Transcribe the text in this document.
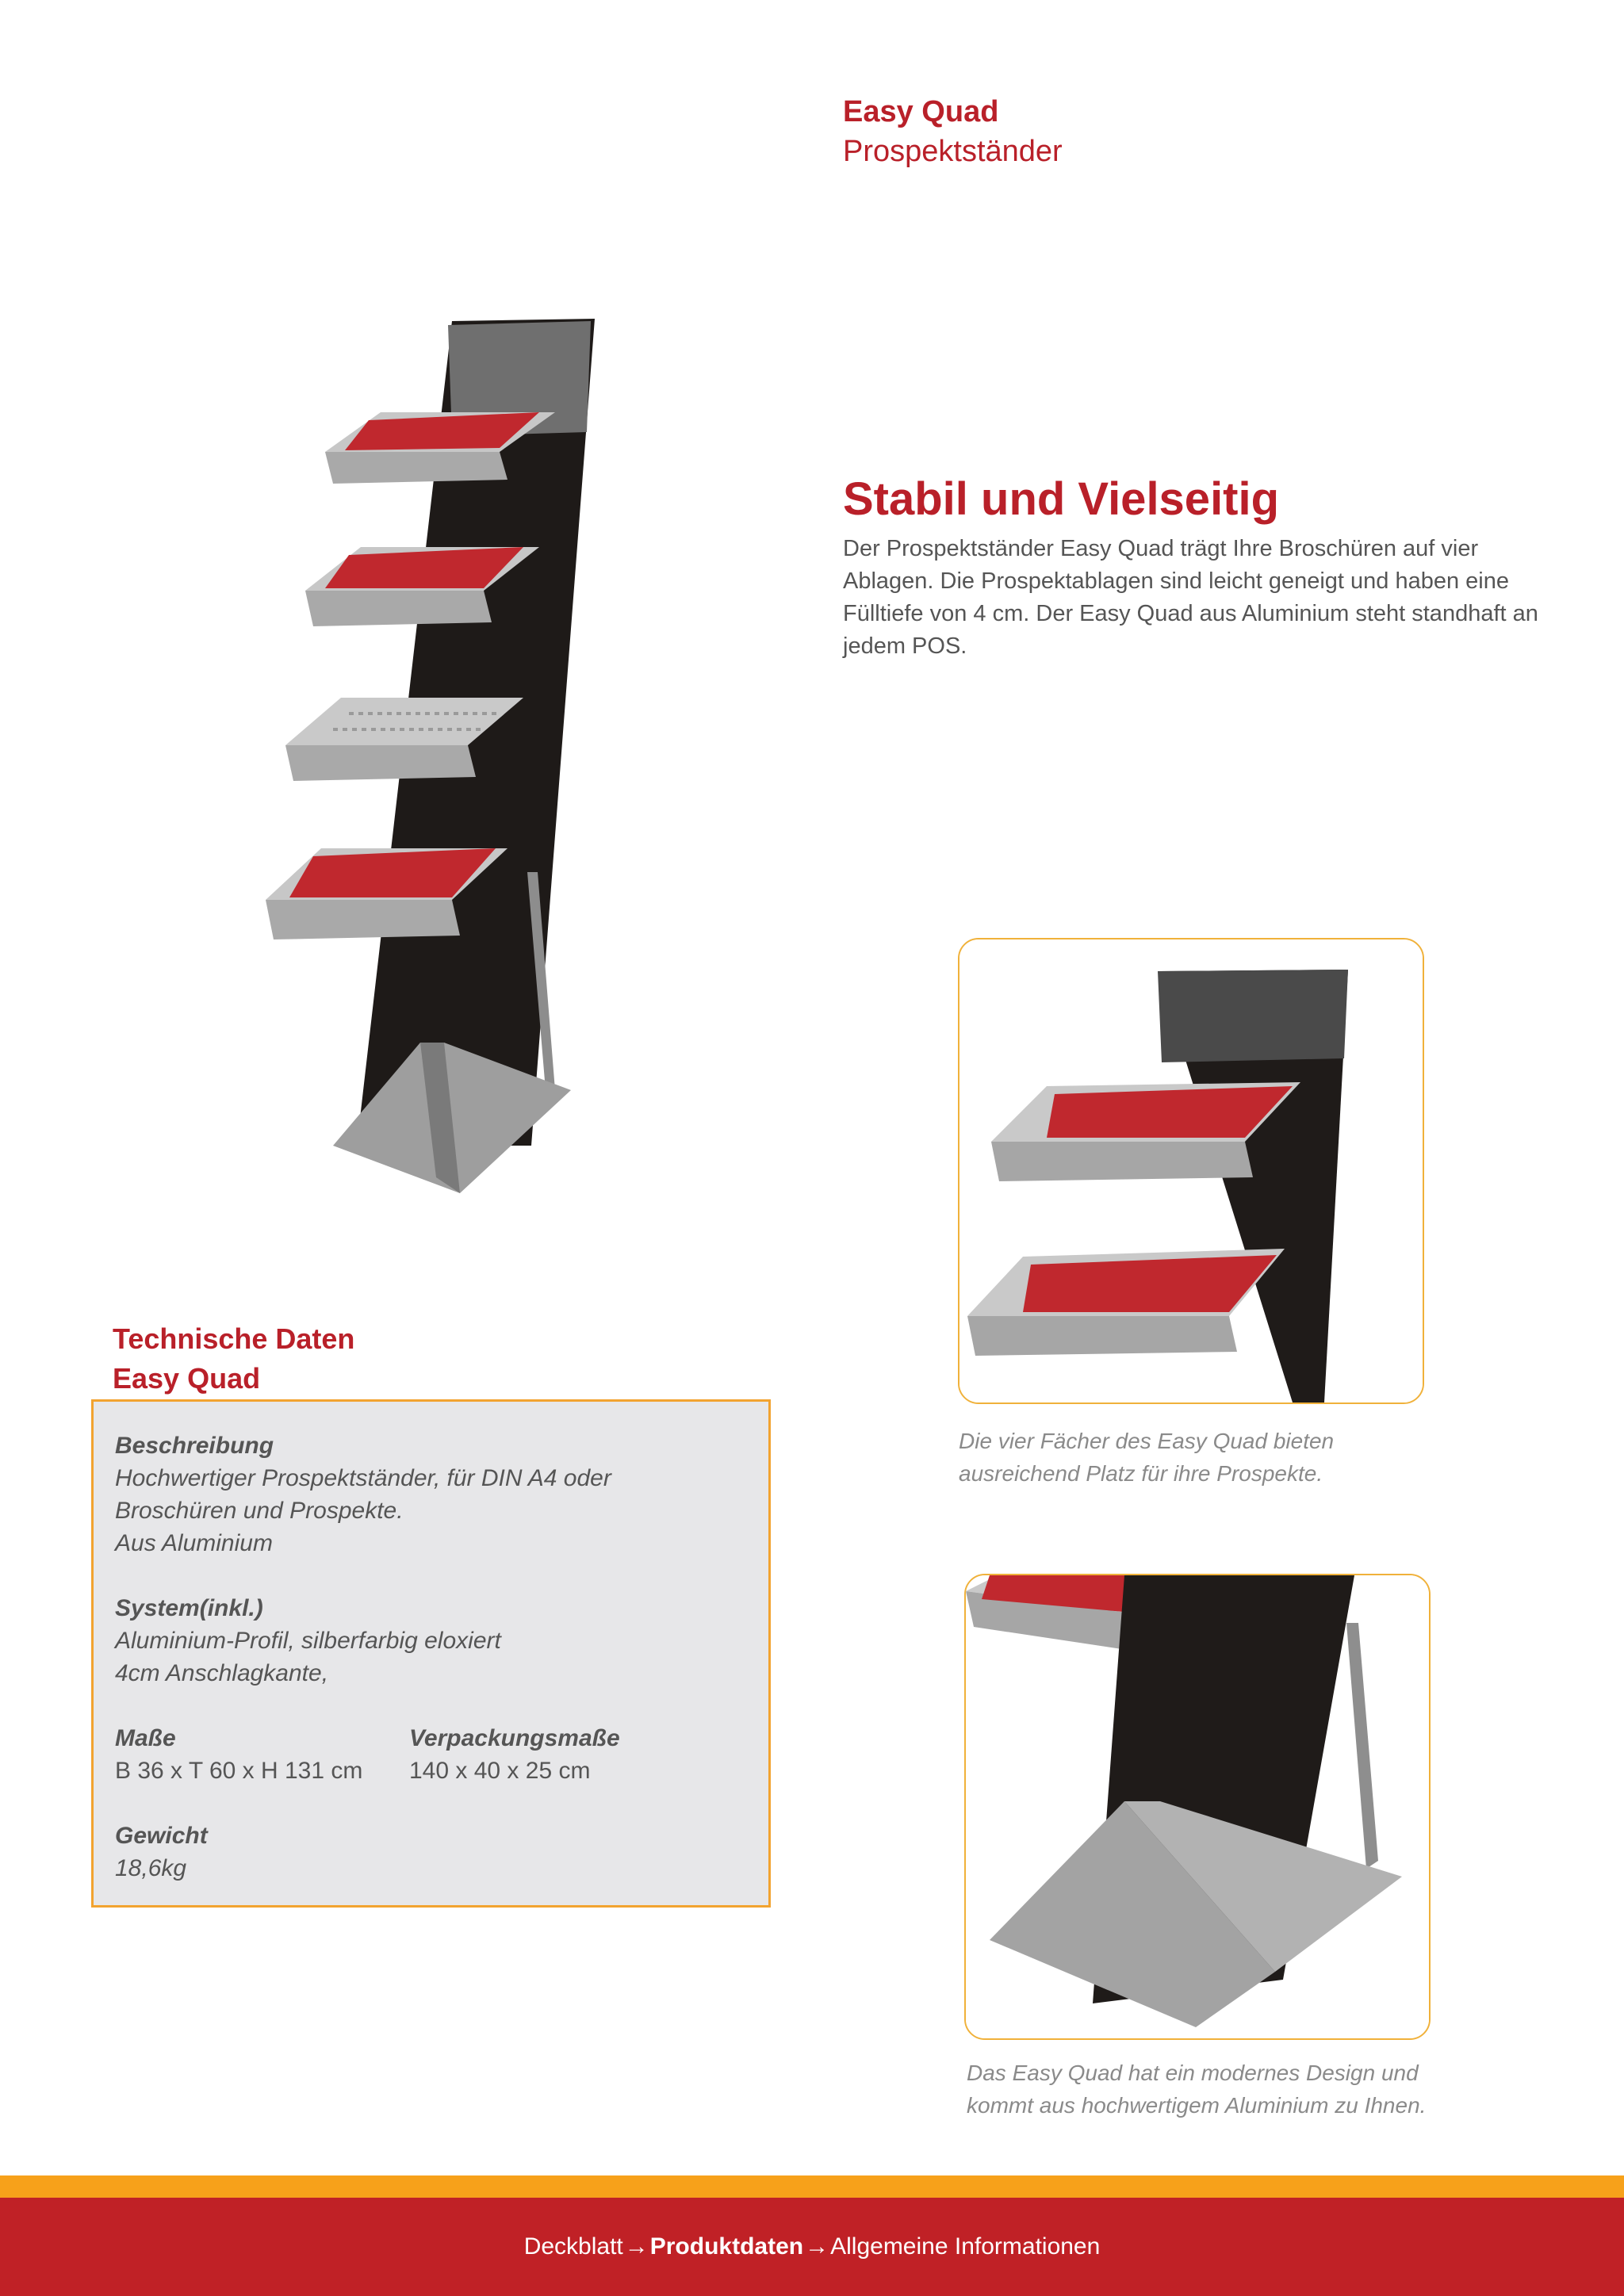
Easy Quad
Prospektständer
Stabil und Vielseitig
Der Prospektständer Easy Quad trägt Ihre Broschüren auf vier Ablagen. Die Prospektablagen sind leicht geneigt und haben eine Fülltiefe von 4 cm. Der Easy Quad aus Aluminium steht standhaft an jedem POS.
Die vier Fächer des Easy Quad bieten ausreichend Platz für ihre Prospekte.
Das Easy Quad hat ein modernes Design und kommt aus hochwertigem Aluminium zu Ihnen.
Technische Daten
Easy Quad
Beschreibung
Hochwertiger Prospektständer, für DIN A4 oder
Broschüren und Prospekte.
Aus Aluminium
System(inkl.)
Aluminium-Profil, silberfarbig eloxiert
4cm Anschlagkante,
Maße
B 36 x T 60 x H 131 cm
Verpackungsmaße
140 x 40 x 25 cm
Gewicht
18,6kg
Deckblatt → Produktdaten → Allgemeine Informationen
